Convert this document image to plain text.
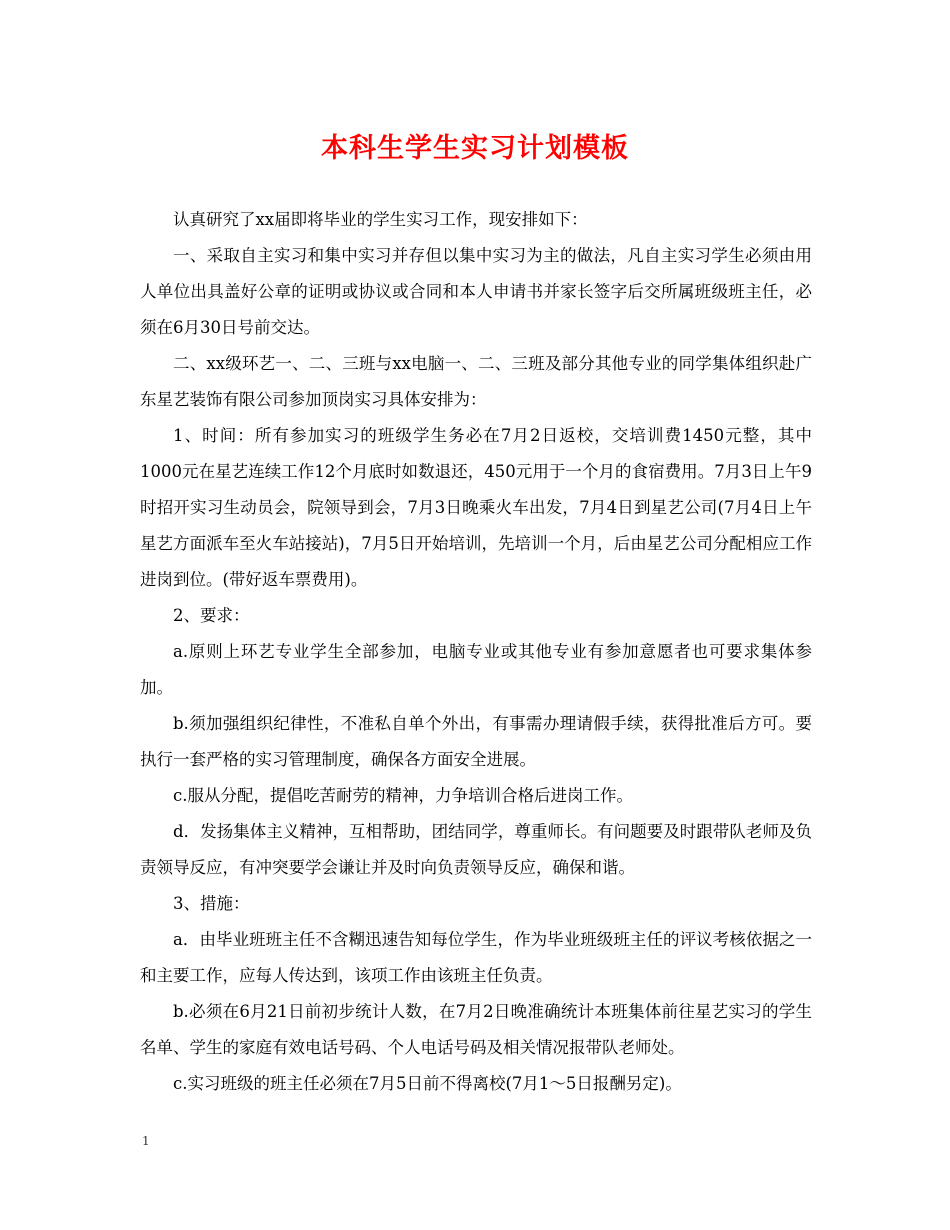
本科生学生实习计划模板

认真研究了xx届即将毕业的学生实习工作，现安排如下：

一、采取自主实习和集中实习并存但以集中实习为主的做法，凡自主实习学生必须由用人单位出具盖好公章的证明或协议或合同和本人申请书并家长签字后交所属班级班主任，必须在6月30日号前交达。

二、xx级环艺一、二、三班与xx电脑一、二、三班及部分其他专业的同学集体组织赴广东星艺装饰有限公司参加顶岗实习具体安排为：

1、时间：所有参加实习的班级学生务必在7月2日返校，交培训费1450元整，其中1000元在星艺连续工作12个月底时如数退还，450元用于一个月的食宿费用。7月3日上午9时招开实习生动员会，院领导到会，7月3日晚乘火车出发，7月4日到星艺公司(7月4日上午星艺方面派车至火车站接站)，7月5日开始培训，先培训一个月，后由星艺公司分配相应工作进岗到位。(带好返车票费用)。

2、要求：

a.原则上环艺专业学生全部参加，电脑专业或其他专业有参加意愿者也可要求集体参加。

b.须加强组织纪律性，不准私自单个外出，有事需办理请假手续，获得批准后方可。要执行一套严格的实习管理制度，确保各方面安全进展。

c.服从分配，提倡吃苦耐劳的精神，力争培训合格后进岗工作。

d．发扬集体主义精神，互相帮助，团结同学，尊重师长。有问题要及时跟带队老师及负责领导反应，有冲突要学会谦让并及时向负责领导反应，确保和谐。

3、措施：

a．由毕业班班主任不含糊迅速告知每位学生，作为毕业班级班主任的评议考核依据之一和主要工作，应每人传达到，该项工作由该班主任负责。

b.必须在6月21日前初步统计人数，在7月2日晚准确统计本班集体前往星艺实习的学生名单、学生的家庭有效电话号码、个人电话号码及相关情况报带队老师处。

c.实习班级的班主任必须在7月5日前不得离校(7月1～5日报酬另定)。

1
